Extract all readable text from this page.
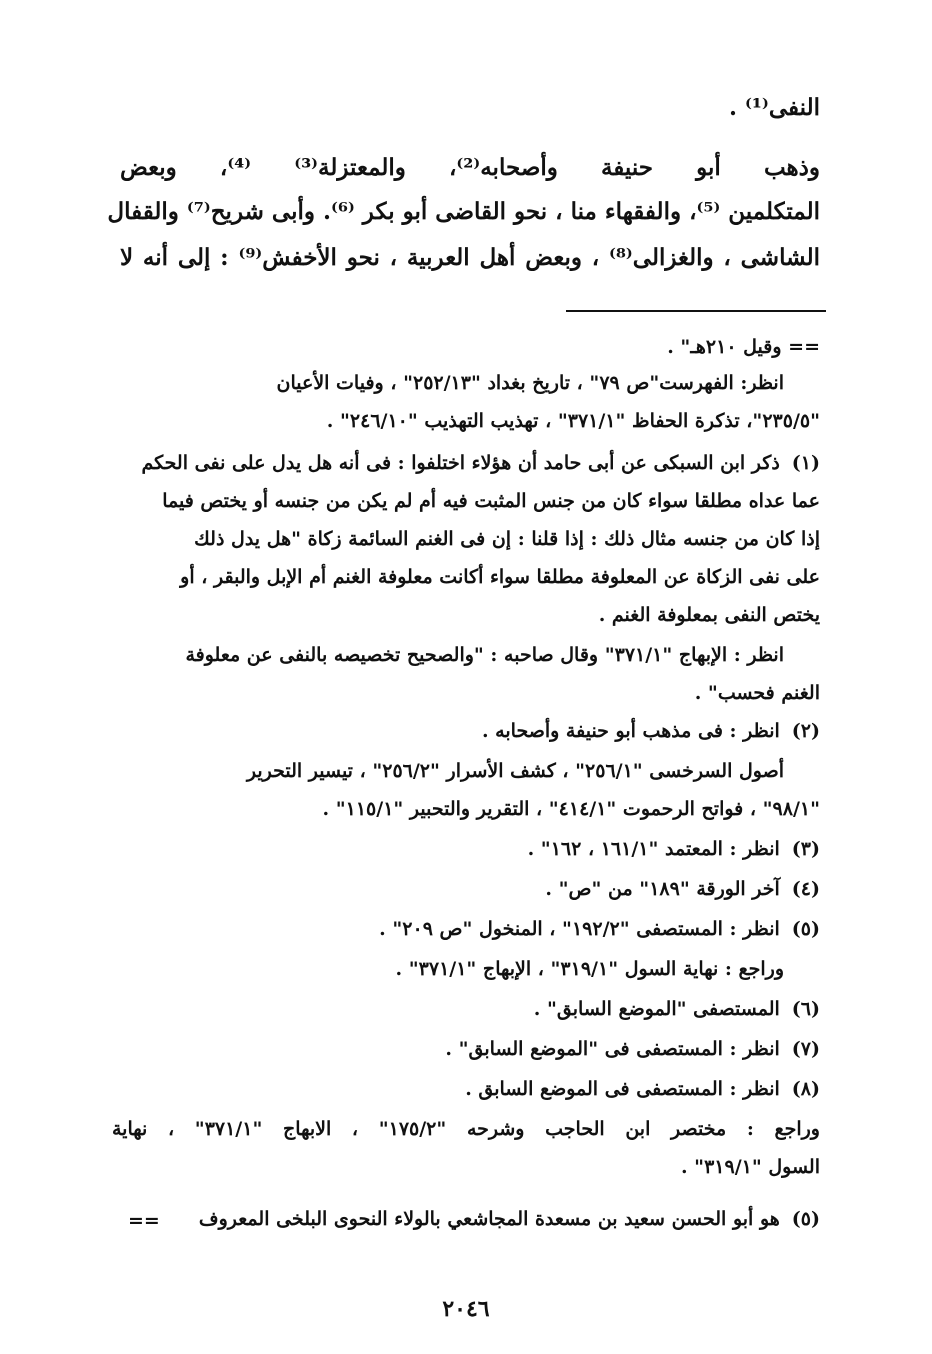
النفى⁽¹⁾ .
وذهب أبو حنيفة وأصحابه⁽²⁾، والمعتزلة⁽³⁾ ⁽⁴⁾، وبعض
المتكلمين ⁽⁵⁾، والفقهاء منا ، نحو القاضى أبو بكر ⁽⁶⁾. وأبى شريح⁽⁷⁾ والقفال
الشاشى ، والغزالى⁽⁸⁾ ، وبعض أهل العربية ، نحو الأخفش⁽⁹⁾ : إلى أنه لا
== وقيل ٢١٠هـ" .
انظر: الفهرست"ص ٧٩" ، تاريخ بغداد "٢٥٢/١٣" ، وفيات الأعيان
"٢٣٥/٥"، تذكرة الحفاظ "٣٧١/١" ، تهذيب التهذيب "٢٤٦/١٠" .
(١)ذكر ابن السبكى عن أبى حامد أن هؤلاء اختلفوا : فى أنه هل يدل على نفى الحكم
عما عداه مطلقا سواء كان من جنس المثبت فيه أم لم يكن من جنسه أو يختص فيما
إذا كان من جنسه مثال ذلك : إذا قلنا : إن فى الغنم السائمة زكاة "هل يدل ذلك
على نفى الزكاة عن المعلوفة مطلقا سواء أكانت معلوفة الغنم أم الإبل والبقر ، أو
يختص النفى بمعلوفة الغنم .
انظر : الإبهاج "٣٧١/١" وقال صاحبه : "والصحيح تخصيصه بالنفى عن معلوفة
الغنم فحسب" .
(٢)انظر : فى مذهب أبو حنيفة وأصحابه .
أصول السرخسى "٢٥٦/١" ، كشف الأسرار "٢٥٦/٢" ، تيسير التحرير
"٩٨/١" ، فواتح الرحموت "٤١٤/١" ، التقرير والتحبير "١١٥/١" .
(٣)انظر : المعتمد "١٦١/١ ، ١٦٢" .
(٤)آخر الورقة "١٨٩" من "ص" .
(٥)انظر : المستصفى "١٩٢/٢" ، المنخول "ص ٢٠٩" .
وراجع : نهاية السول "٣١٩/١" ، الإبهاج "٣٧١/١" .
(٦)المستصفى "الموضع السابق" .
(٧)انظر : المستصفى فى "الموضع السابق" .
(٨)انظر : المستصفى فى الموضع السابق .
وراجع : مختصر ابن الحاجب وشرحه "١٧٥/٢" ، الابهاج "٣٧١/١" ، نهاية
السول "٣١٩/١" .
(٥)هو أبو الحسن سعيد بن مسعدة المجاشعي بالولاء النحوى البلخى المعروف
==
٢٠٤٦
